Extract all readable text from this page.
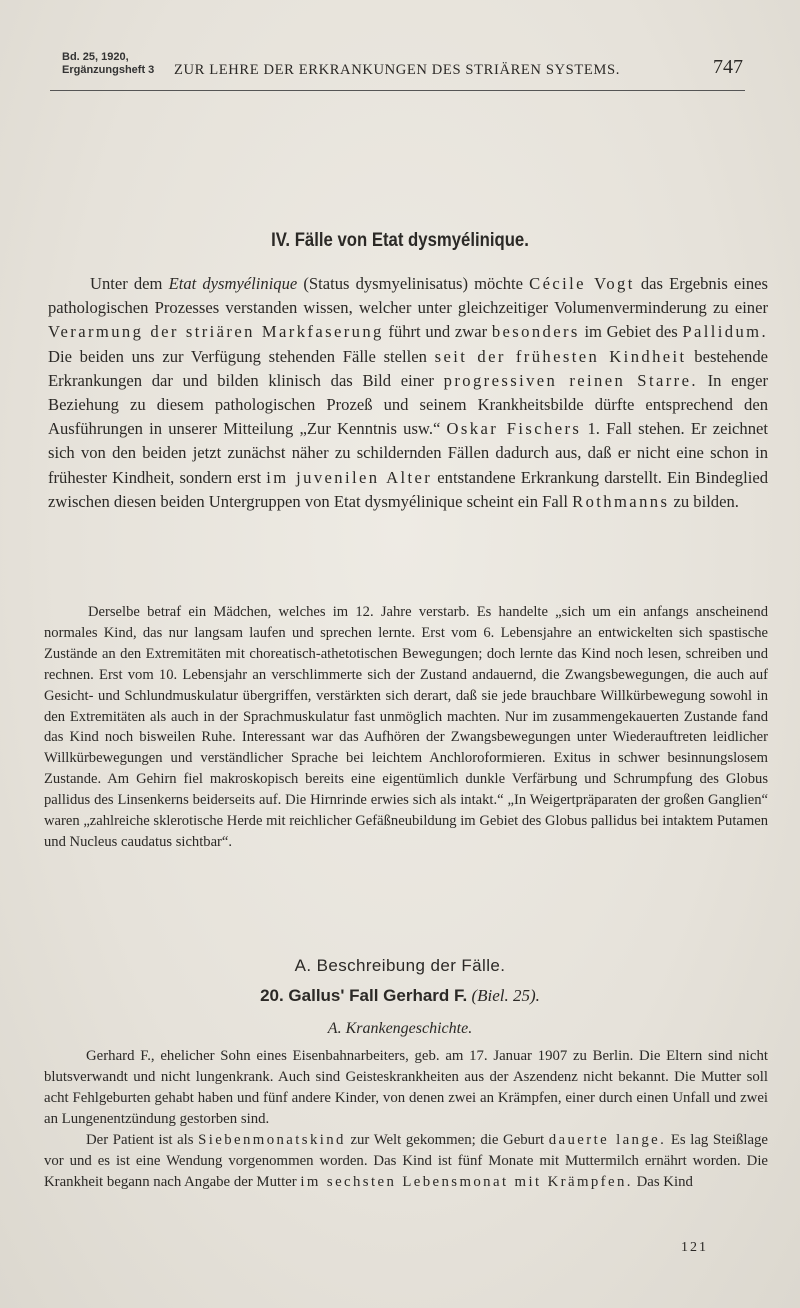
Bd. 25, 1920,
Ergänzungsheft 3 ZUR LEHRE DER ERKRANKUNGEN DES STRIÄREN SYSTEMS.	747
IV. Fälle von Etat dysmyélinique.

Unter dem Etat dysmyélinique (Status dysmyelinisatus) möchte Cécile Vogt das Ergebnis eines pathologischen Prozesses verstanden wissen, welcher unter gleichzeitiger Volumenverminderung zu einer Verarmung der striären Markfaserung führt und zwar besonders im Gebiet des Pallidum. Die beiden uns zur Verfügung stehenden Fälle stellen seit der frühesten Kindheit bestehende Erkrankungen dar und bilden klinisch das Bild einer progressiven reinen Starre. In enger Beziehung zu diesem pathologischen Prozeß und seinem Krankheitsbilde dürfte entsprechend den Ausführungen in unserer Mitteilung „Zur Kenntnis usw.“ Oskar Fischers 1. Fall stehen. Er zeichnet sich von den beiden jetzt zunächst näher zu schildernden Fällen dadurch aus, daß er nicht eine schon in frühester Kindheit, sondern erst im juvenilen Alter entstandene Erkrankung darstellt. Ein Bindeglied zwischen diesen beiden Untergruppen von Etat dysmyélinique scheint ein Fall Rothmanns zu bilden.

Derselbe betraf ein Mädchen, welches im 12. Jahre verstarb. Es handelte „sich um ein anfangs anscheinend normales Kind, das nur langsam laufen und sprechen lernte. Erst vom 6. Lebensjahre an entwickelten sich spastische Zustände an den Extremitäten mit choreatisch-athetotischen Bewegungen; doch lernte das Kind noch lesen, schreiben und rechnen. Erst vom 10. Lebensjahr an verschlimmerte sich der Zustand andauernd, die Zwangsbewegungen, die auch auf Gesicht- und Schlundmuskulatur übergriffen, verstärkten sich derart, daß sie jede brauchbare Willkürbewegung sowohl in den Extremitäten als auch in der Sprachmuskulatur fast unmöglich machten. Nur im zusammengekauerten Zustande fand das Kind noch bisweilen Ruhe. Interessant war das Aufhören der Zwangsbewegungen unter Wiederauftreten leidlicher Willkürbewegungen und verständlicher Sprache bei leichtem Anchloroformieren. Exitus in schwer besinnungslosem Zustande. Am Gehirn fiel makroskopisch bereits eine eigentümlich dunkle Verfärbung und Schrumpfung des Globus pallidus des Linsenkerns beiderseits auf. Die Hirnrinde erwies sich als intakt.“ „In Weigertpräparaten der großen Ganglien“ waren „zahlreiche sklerotische Herde mit reichlicher Gefäßneubildung im Gebiet des Globus pallidus bei intaktem Putamen und Nucleus caudatus sichtbar“.

A. Beschreibung der Fälle.
20. Gallus' Fall Gerhard F. (Biel. 25).
A. Krankengeschichte.

Gerhard F., ehelicher Sohn eines Eisenbahnarbeiters, geb. am 17. Januar 1907 zu Berlin. Die Eltern sind nicht blutsverwandt und nicht lungenkrank. Auch sind Geisteskrankheiten aus der Aszendenz nicht bekannt. Die Mutter soll acht Fehlgeburten gehabt haben und fünf andere Kinder, von denen zwei an Krämpfen, einer durch einen Unfall und zwei an Lungenentzündung gestorben sind.

Der Patient ist als Siebenmonatskind zur Welt gekommen; die Geburt dauerte lange. Es lag Steißlage vor und es ist eine Wendung vorgenommen worden. Das Kind ist fünf Monate mit Muttermilch ernährt worden. Die Krankheit begann nach Angabe der Mutter im sechsten Lebensmonat mit Krämpfen. Das Kind

121
